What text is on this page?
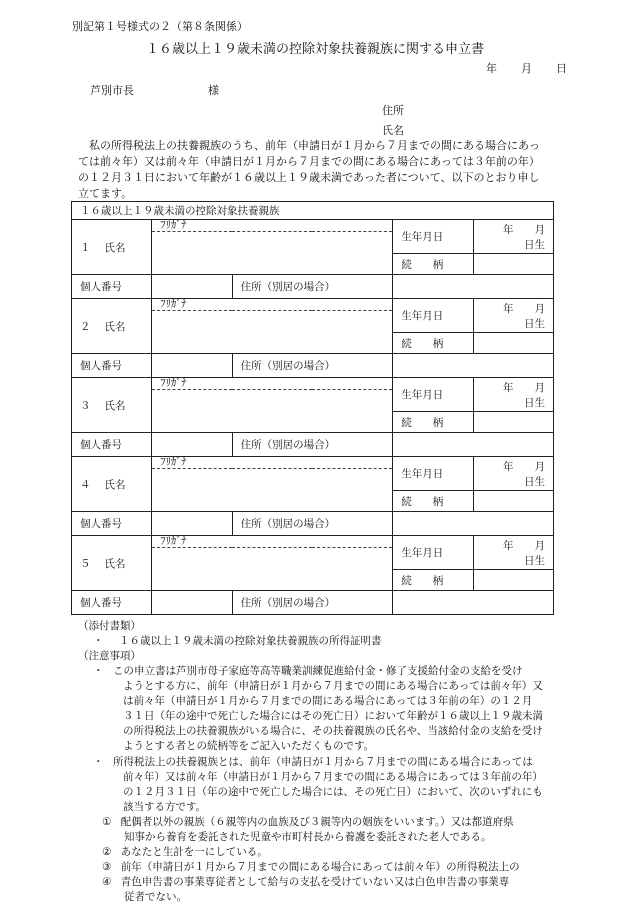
別記第１号様式の２（第８条関係）
１６歳以上１９歳未満の控除対象扶養親族に関する申立書
年 月 日
芦別市長	様
住所
氏名
私の所得税法上の扶養親族のうち、前年（申請日が１月から７月までの間にある場合にあっ
ては前々年）又は前々年（申請日が１月から７月までの間にある場合にあっては３年前の年）
の１２月３１日において年齢が１６歳以上１９歳未満であった者について、以下のとおり申し
立てます。
１６歳以上１９歳未満の控除対象扶養親族				
１ 氏名	ﾌﾘｶﾞﾅ		生年月日	年　　月　　日生

			続　　柄	
個人番号		住所（別居の場合）		
２ 氏名	ﾌﾘｶﾞﾅ		生年月日	年　　月　　日生

			続　　柄	
個人番号		住所（別居の場合）		
３ 氏名	ﾌﾘｶﾞﾅ		生年月日	年　　月　　日生

			続　　柄	
個人番号		住所（別居の場合）		
４ 氏名	ﾌﾘｶﾞﾅ		生年月日	年　　月　　日生

			続　　柄	
個人番号		住所（別居の場合）		
５ 氏名	ﾌﾘｶﾞﾅ		生年月日	年　　月　　日生

			続　　柄	
個人番号		住所（別居の場合）		
（添付書類）
・ １６歳以上１９歳未満の控除対象扶養親族の所得証明書
（注意事項）
・ この申立書は芦別市母子家庭等高等職業訓練促進給付金・修了支援給付金の支給を受け
ようとする方に、前年（申請日が１月から７月までの間にある場合にあっては前々年）又
は前々年（申請日が１月から７月までの間にある場合にあっては３年前の年）の１２月
３１日（年の途中で死亡した場合にはその死亡日）において年齢が１６歳以上１９歳未満
の所得税法上の扶養親族がいる場合に、その扶養親族の氏名や、当該給付金の支給を受け
ようとする者との続柄等をご記入いただくものです。
・ 所得税法上の扶養親族とは、前年（申請日が１月から７月までの間にある場合にあっては
前々年）又は前々年（申請日が１月から７月までの間にある場合にあっては３年前の年）
の１２月３１日（年の途中で死亡した場合には、その死亡日）において、次のいずれにも
該当する方です。
① 配偶者以外の親族（６親等内の血族及び３親等内の姻族をいいます。）又は都道府県
知事から養育を委託された児童や市町村長から養護を委託された老人である。
② あなたと生計を一にしている。
③ 前年（申請日が１月から７月までの間にある場合にあっては前々年）の所得税法上の
④ 青色申告書の事業専従者として給与の支払を受けていない又は白色申告書の事業専
従者でない。
